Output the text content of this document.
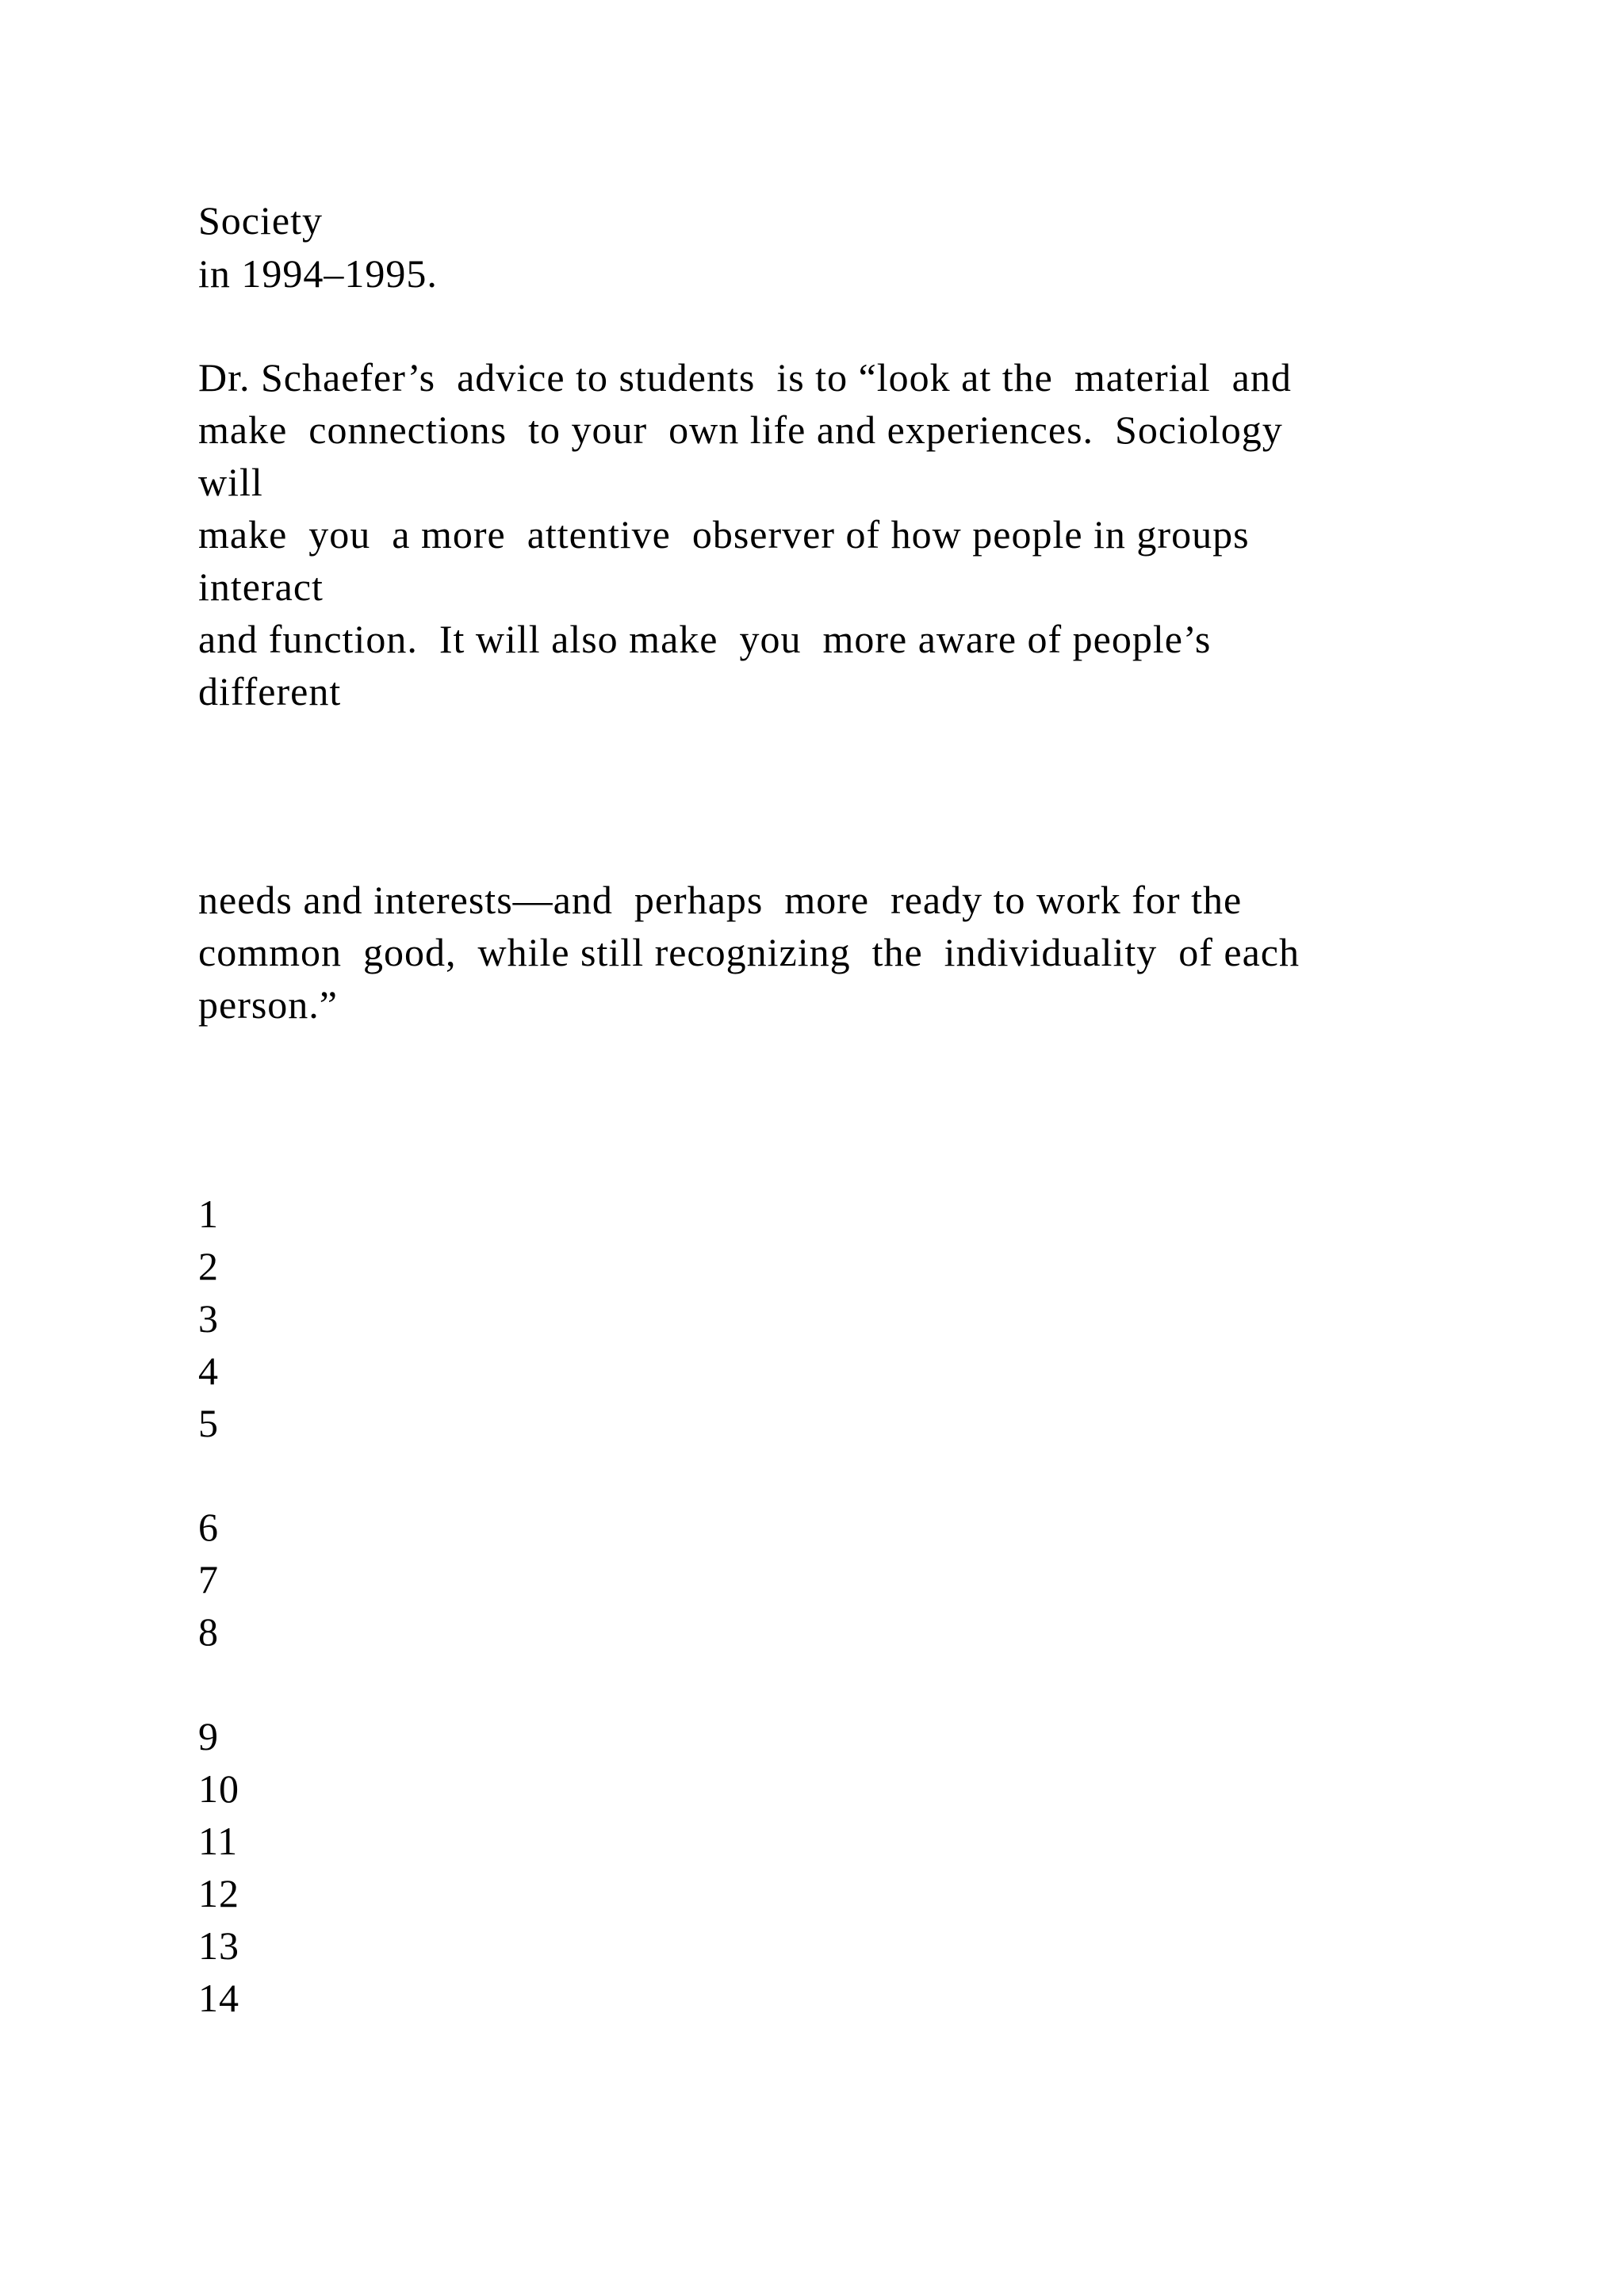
Society
in 1994–1995.
Dr. Schaefer’s  advice to students  is to “look at the  material  and
make  connections  to your  own life and experiences.  Sociology
will
make  you  a more  attentive  observer of how people in groups
interact
and function.  It will also make  you  more aware of people’s
different
needs and interests—and  perhaps  more  ready to work for the
common  good,  while still recognizing  the  individuality  of each
person.”
1
2
3
4
5
6
7
8
9
10
11
12
13
14
